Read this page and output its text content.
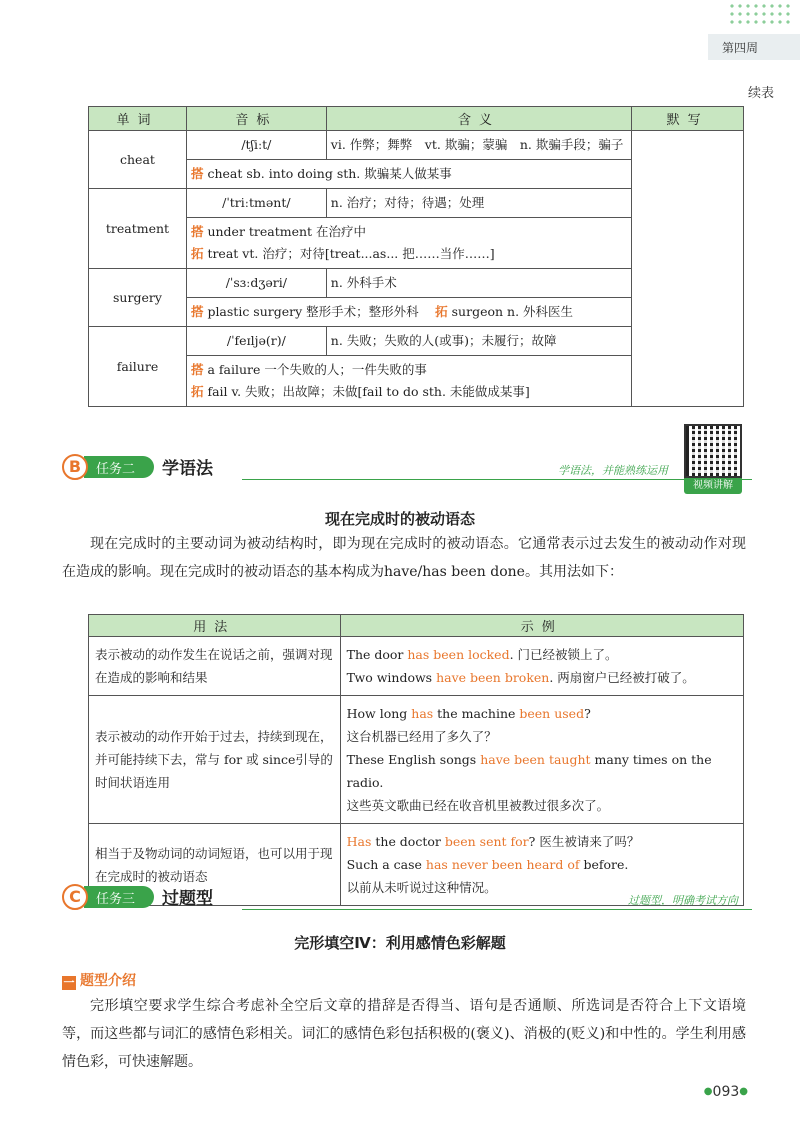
第四周
续表
单词	音标	含义	默写
cheat	/tʃiːt/	vi. 作弊；舞弊　vt. 欺骗；蒙骗　n. 欺骗手段；骗子	
	搭 cheat sb. into doing sth. 欺骗某人做某事		
treatment	/ˈtriːtmənt/	n. 治疗；对待；待遇；处理	

	搭 under treatment 在治疗中
拓 treat vt. 治疗；对待[treat...as... 把……当作……]		

surgery	/ˈsɜːdʒəri/	n. 外科手术	
	搭 plastic surgery 整形手术；整形外科　 拓 surgeon n. 外科医生		
failure	/ˈfeɪljə(r)/	n. 失败；失败的人(或事)；未履行；故障	

	搭 a failure 一个失败的人；一件失败的事
拓 fail v. 失败；出故障；未做[fail to do sth. 未能做成某事]		
任务二
B	学语法	学语法，并能熟练运用
视频讲解
现在完成时的被动语态
现在完成时的主要动词为被动结构时，即为现在完成时的被动语态。它通常表示过去发生的被动动作对现在造成的影响。现在完成时的被动语态的基本构成为have/has been done。其用法如下：
用法	示例
表示被动的动作发生在说话之前，强调对现在造成的影响和结果	The door has been locked. 门已经被锁上了。
Two windows have been broken. 两扇窗户已经被打破了。

表示被动的动作开始于过去，持续到现在，并可能持续下去，常与 for 或 since引导的时间状语连用	How long has the machine been used?
这台机器已经用了多久了？
These English songs have been taught many times on the radio.
这些英文歌曲已经在收音机里被教过很多次了。

相当于及物动词的动词短语，也可以用于现在完成时的被动语态	Has the doctor been sent for? 医生被请来了吗？
Such a case has never been heard of before.
以前从未听说过这种情况。
任务三
C	过题型	过题型，明确考试方向
完形填空Ⅳ：利用感情色彩解题
一 题型介绍
完形填空要求学生综合考虑补全空后文章的措辞是否得当、语句是否通顺、所选词是否符合上下文语境等，而这些都与词汇的感情色彩相关。词汇的感情色彩包括积极的(褒义)、消极的(贬义)和中性的。学生利用感情色彩，可快速解题。
●093●
